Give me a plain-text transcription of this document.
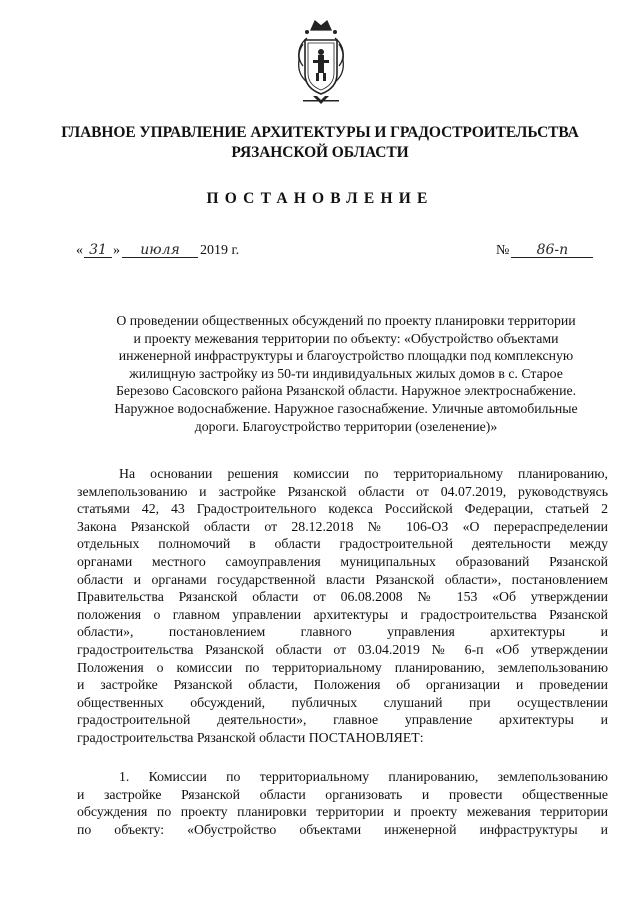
ГЛАВНОЕ УПРАВЛЕНИЕ АРХИТЕКТУРЫ И ГРАДОСТРОИТЕЛЬСТВА
РЯЗАНСКОЙ ОБЛАСТИ
ПОСТАНОВЛЕНИЕ
« 31 » июля 2019 г.	№ 86-п
О проведении общественных обсуждений по проекту планировки территории
и проекту межевания территории по объекту: «Обустройство объектами
инженерной инфраструктуры и благоустройство площадки под комплексную
жилищную застройку из 50-ти индивидуальных жилых домов в с. Старое
Березово Сасовского района Рязанской области. Наружное электроснабжение.
Наружное водоснабжение. Наружное газоснабжение. Уличные автомобильные
дороги. Благоустройство территории (озеленение)»
На основании решения комиссии по территориальному планированию,
землепользованию и застройке Рязанской области от 04.07.2019, руководствуясь
статьями 42, 43 Градостроительного кодекса Российской Федерации, статьей 2
Закона Рязанской области от 28.12.2018 № 106-ОЗ «О перераспределении
отдельных полномочий в области градостроительной деятельности между
органами местного самоуправления муниципальных образований Рязанской
области и органами государственной власти Рязанской области», постановлением
Правительства Рязанской области от 06.08.2008 № 153 «Об утверждении
положения о главном управлении архитектуры и градостроительства Рязанской
области», постановлением главного управления архитектуры и
градостроительства Рязанской области от 03.04.2019 № 6-п «Об утверждении
Положения о комиссии по территориальному планированию, землепользованию
и застройке Рязанской области, Положения об организации и проведении
общественных обсуждений, публичных слушаний при осуществлении
градостроительной деятельности», главное управление архитектуры и
градостроительства Рязанской области ПОСТАНОВЛЯЕТ:
1. Комиссии по территориальному планированию, землепользованию
и застройке Рязанской области организовать и провести общественные
обсуждения по проекту планировки территории и проекту межевания территории
по объекту: «Обустройство объектами инженерной инфраструктуры и
